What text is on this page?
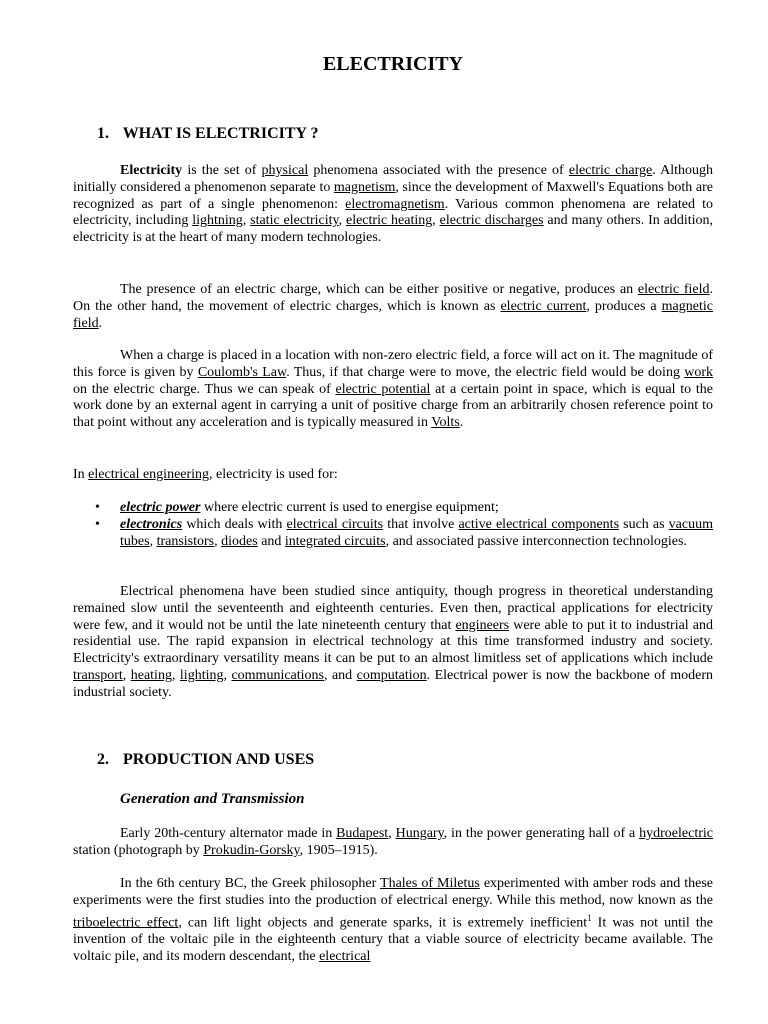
ELECTRICITY
1. WHAT IS ELECTRICITY ?

Electricity is the set of physical phenomena associated with the presence of electric charge. Although initially considered a phenomenon separate to magnetism, since the development of Maxwell's Equations both are recognized as part of a single phenomenon: electromagnetism. Various common phenomena are related to electricity, including lightning, static electricity, electric heating, electric discharges and many others. In addition, electricity is at the heart of many modern technologies.

The presence of an electric charge, which can be either positive or negative, produces an electric field. On the other hand, the movement of electric charges, which is known as electric current, produces a magnetic field.

When a charge is placed in a location with non-zero electric field, a force will act on it. The magnitude of this force is given by Coulomb's Law. Thus, if that charge were to move, the electric field would be doing work on the electric charge. Thus we can speak of electric potential at a certain point in space, which is equal to the work done by an external agent in carrying a unit of positive charge from an arbitrarily chosen reference point to that point without any acceleration and is typically measured in Volts.

In electrical engineering, electricity is used for:

• electric power where electric current is used to energise equipment;
• electronics which deals with electrical circuits that involve active electrical components such as vacuum tubes, transistors, diodes and integrated circuits, and associated passive interconnection technologies.

Electrical phenomena have been studied since antiquity, though progress in theoretical understanding remained slow until the seventeenth and eighteenth centuries. Even then, practical applications for electricity were few, and it would not be until the late nineteenth century that engineers were able to put it to industrial and residential use. The rapid expansion in electrical technology at this time transformed industry and society. Electricity's extraordinary versatility means it can be put to an almost limitless set of applications which include transport, heating, lighting, communications, and computation. Electrical power is now the backbone of modern industrial society.

2. PRODUCTION AND USES
Generation and Transmission

Early 20th-century alternator made in Budapest, Hungary, in the power generating hall of a hydroelectric station (photograph by Prokudin-Gorsky, 1905–1915).

In the 6th century BC, the Greek philosopher Thales of Miletus experimented with amber rods and these experiments were the first studies into the production of electrical energy. While this method, now known as the triboelectric effect, can lift light objects and generate sparks, it is extremely inefficient$^1$ It was not until the invention of the voltaic pile in the eighteenth century that a viable source of electricity became available. The voltaic pile, and its modern descendant, the electrical
